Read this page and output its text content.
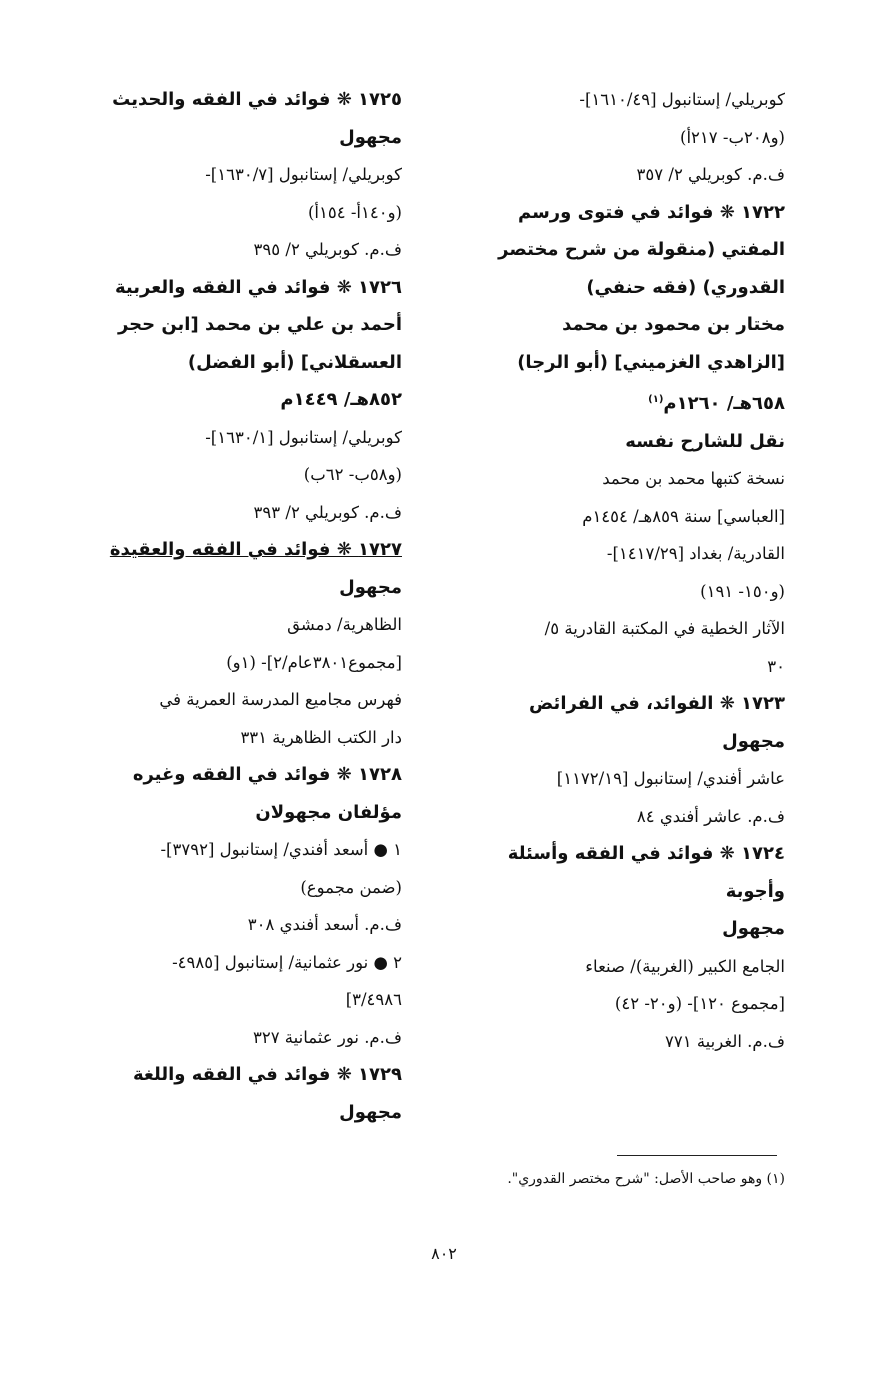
كوبريلي/ إستانبول [١٦١٠/٤٩]-
(و٢٠٨ب- ٢١٧أ)
ف.م. كوبريلي ٢/ ٣٥٧
١٧٢٢ ❋ فوائد في فتوى ورسم
المفتي (منقولة من شرح مختصر
القدوري) (فقه حنفي)
مختار بن محمود بن محمد
[الزاهدي الغزميني] (أبو الرجا)
٦٥٨هـ/ ١٢٦٠م$^{(١)}$
نقل للشارح نفسه
نسخة كتبها محمد بن محمد
[العباسي] سنة ٨٥٩هـ/ ١٤٥٤م
القادرية/ بغداد [١٤١٧/٢٩]-
(و١٥٠- ١٩١)
الآثار الخطية في المكتبة القادرية ٥/
٣٠
١٧٢٣ ❋ الفوائد، في الفرائض
مجهول
عاشر أفندي/ إستانبول [١١٧٢/١٩]
ف.م. عاشر أفندي ٨٤
١٧٢٤ ❋ فوائد في الفقه وأسئلة
وأجوبة
مجهول
الجامع الكبير (الغربية)/ صنعاء
[مجموع ١٢٠]- (و٢٠- ٤٢)
ف.م. الغربية ٧٧١
١٧٢٥ ❋ فوائد في الفقه والحديث
مجهول
كوبريلي/ إستانبول [١٦٣٠/٧]-
(و١٤٠أ- ١٥٤أ)
ف.م. كوبريلي ٢/ ٣٩٥
١٧٢٦ ❋ فوائد في الفقه والعربية
أحمد بن علي بن محمد [ابن حجر
العسقلاني] (أبو الفضل)
٨٥٢هـ/ ١٤٤٩م
كوبريلي/ إستانبول [١٦٣٠/١]-
(و٥٨ب- ٦٢ب)
ف.م. كوبريلي ٢/ ٣٩٣
١٧٢٧ ❋ فوائد في الفقه والعقيدة
مجهول
الظاهرية/ دمشق
[مجموع٣٨٠١عام/٢]- (١و)
فهرس مجاميع المدرسة العمرية في
دار الكتب الظاهرية ٣٣١
١٧٢٨ ❋ فوائد في الفقه وغيره
مؤلفان مجهولان
١ ● أسعد أفندي/ إستانبول [٣٧٩٢]-
(ضمن مجموع)
ف.م. أسعد أفندي ٣٠٨
٢ ● نور عثمانية/ إستانبول [٤٩٨٥-
٣/٤٩٨٦]
ف.م. نور عثمانية ٣٢٧
١٧٢٩ ❋ فوائد في الفقه واللغة
مجهول
(١) وهو صاحب الأصل: "شرح مختصر القدوري".
٨٠٢
